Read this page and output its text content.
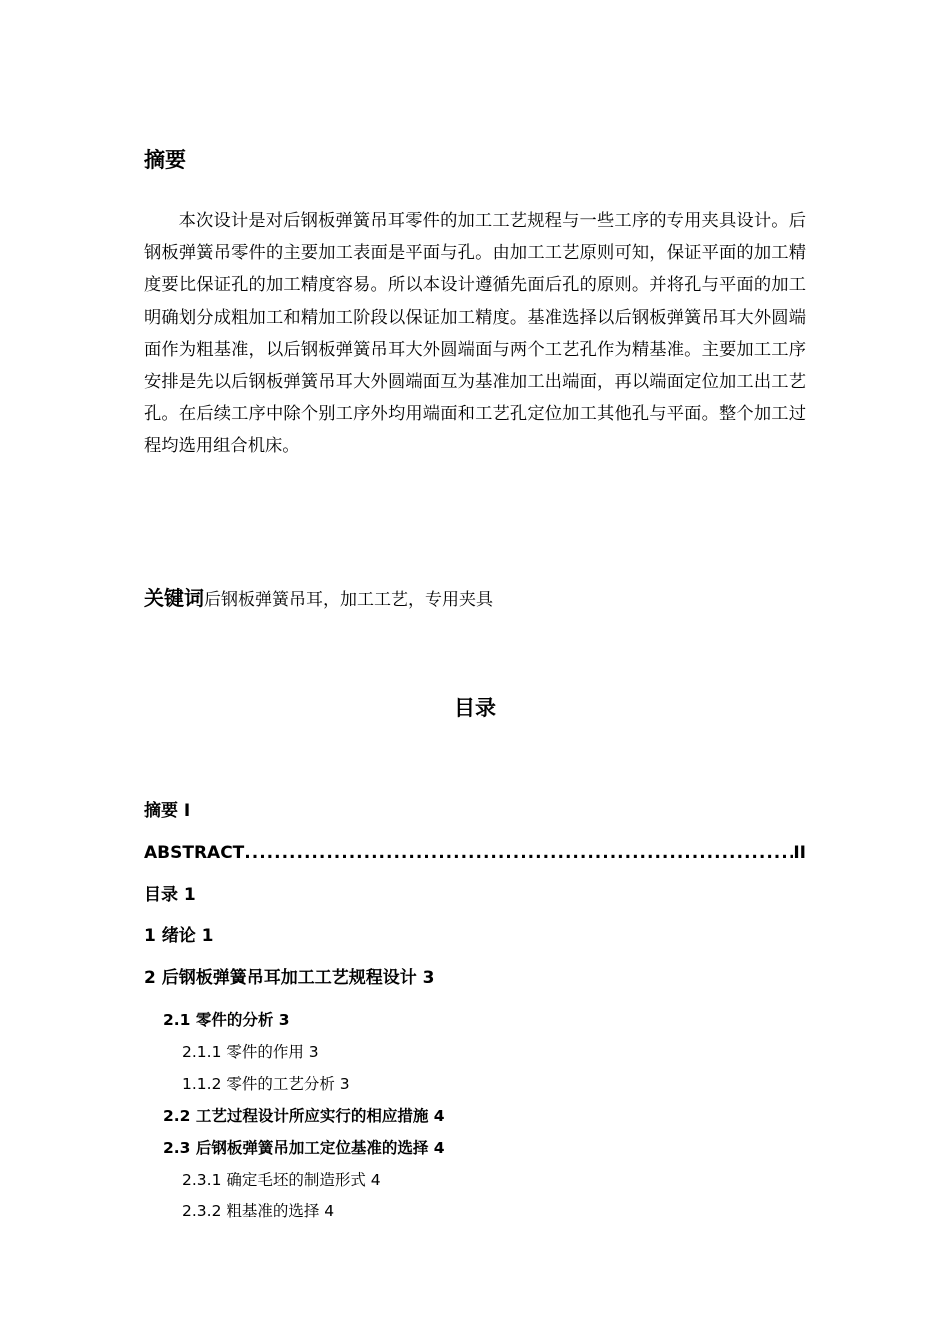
摘要

本次设计是对后钢板弹簧吊耳零件的加工工艺规程与一些工序的专用夹具设计。后钢板弹簧吊零件的主要加工表面是平面与孔。由加工工艺原则可知，保证平面的加工精度要比保证孔的加工精度容易。所以本设计遵循先面后孔的原则。并将孔与平面的加工明确划分成粗加工和精加工阶段以保证加工精度。基准选择以后钢板弹簧吊耳大外圆端面作为粗基准，以后钢板弹簧吊耳大外圆端面与两个工艺孔作为精基准。主要加工工序安排是先以后钢板弹簧吊耳大外圆端面互为基准加工出端面，再以端面定位加工出工艺孔。在后续工序中除个别工序外均用端面和工艺孔定位加工其他孔与平面。整个加工过程均选用组合机床。

关键词后钢板弹簧吊耳，加工工艺，专用夹具
目录
摘要 I
ABSTRACT
.....	II
目录 1
1 绪论 1
2 后钢板弹簧吊耳加工工艺规程设计 3
2.1 零件的分析 3
2.1.1 零件的作用 3
1.1.2 零件的工艺分析 3
2.2 工艺过程设计所应实行的相应措施 4
2.3 后钢板弹簧吊加工定位基准的选择 4
2.3.1 确定毛坯的制造形式 4
2.3.2 粗基准的选择 4
